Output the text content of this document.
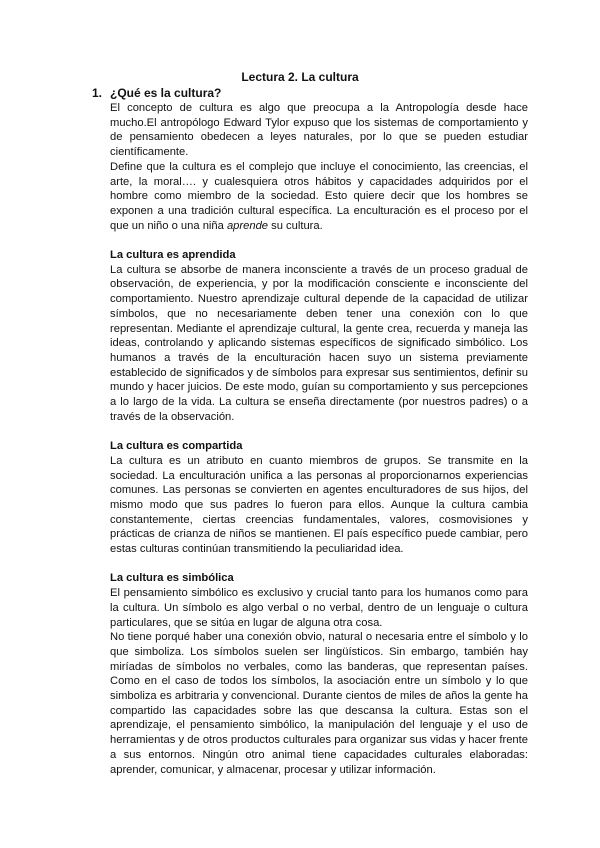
Lectura 2. La cultura
1. ¿Qué es la cultura?

El concepto de cultura es algo que preocupa a la Antropología desde hace mucho.El antropólogo Edward Tylor expuso que los sistemas de comportamiento y de pensamiento obedecen a leyes naturales, por lo que se pueden estudiar científicamente.

Define que la cultura es el complejo que incluye el conocimiento, las creencias, el arte, la moral…. y cualesquiera otros hábitos y capacidades adquiridos por el hombre como miembro de la sociedad. Esto quiere decir que los hombres se exponen a una tradición cultural específica. La enculturación es el proceso por el que un niño o una niña aprende su cultura.

La cultura es aprendida

La cultura se absorbe de manera inconsciente a través de un proceso gradual de observación, de experiencia, y por la modificación consciente e inconsciente del comportamiento. Nuestro aprendizaje cultural depende de la capacidad de utilizar símbolos, que no necesariamente deben tener una conexión con lo que representan. Mediante el aprendizaje cultural, la gente crea, recuerda y maneja las ideas, controlando y aplicando sistemas específicos de significado simbólico. Los humanos a través de la enculturación hacen suyo un sistema previamente establecido de significados y de símbolos para expresar sus sentimientos, definir su mundo y hacer juicios. De este modo, guían su comportamiento y sus percepciones a lo largo de la vida. La cultura se enseña directamente (por nuestros padres) o a través de la observación.

La cultura es compartida

La cultura es un atributo en cuanto miembros de grupos. Se transmite en la sociedad. La enculturación unifica a las personas al proporcionarnos experiencias comunes. Las personas se convierten en agentes enculturadores de sus hijos, del mismo modo que sus padres lo fueron para ellos. Aunque la cultura cambia constantemente, ciertas creencias fundamentales, valores, cosmovisiones y prácticas de crianza de niños se mantienen. El país específico puede cambiar, pero estas culturas continúan transmitiendo la peculiaridad idea.

La cultura es simbólica

El pensamiento simbólico es exclusivo y crucial tanto para los humanos como para la cultura. Un símbolo es algo verbal o no verbal, dentro de un lenguaje o cultura particulares, que se sitúa en lugar de alguna otra cosa.

No tiene porqué haber una conexión obvio, natural o necesaria entre el símbolo y lo que simboliza. Los símbolos suelen ser lingüísticos. Sin embargo, también hay miríadas de símbolos no verbales, como las banderas, que representan países. Como en el caso de todos los símbolos, la asociación entre un símbolo y lo que simboliza es arbitraria y convencional. Durante cientos de miles de años la gente ha compartido las capacidades sobre las que descansa la cultura. Estas son el aprendizaje, el pensamiento simbólico, la manipulación del lenguaje y el uso de herramientas y de otros productos culturales para organizar sus vidas y hacer frente a sus entornos. Ningún otro animal tiene capacidades culturales elaboradas: aprender, comunicar, y almacenar, procesar y utilizar información.
